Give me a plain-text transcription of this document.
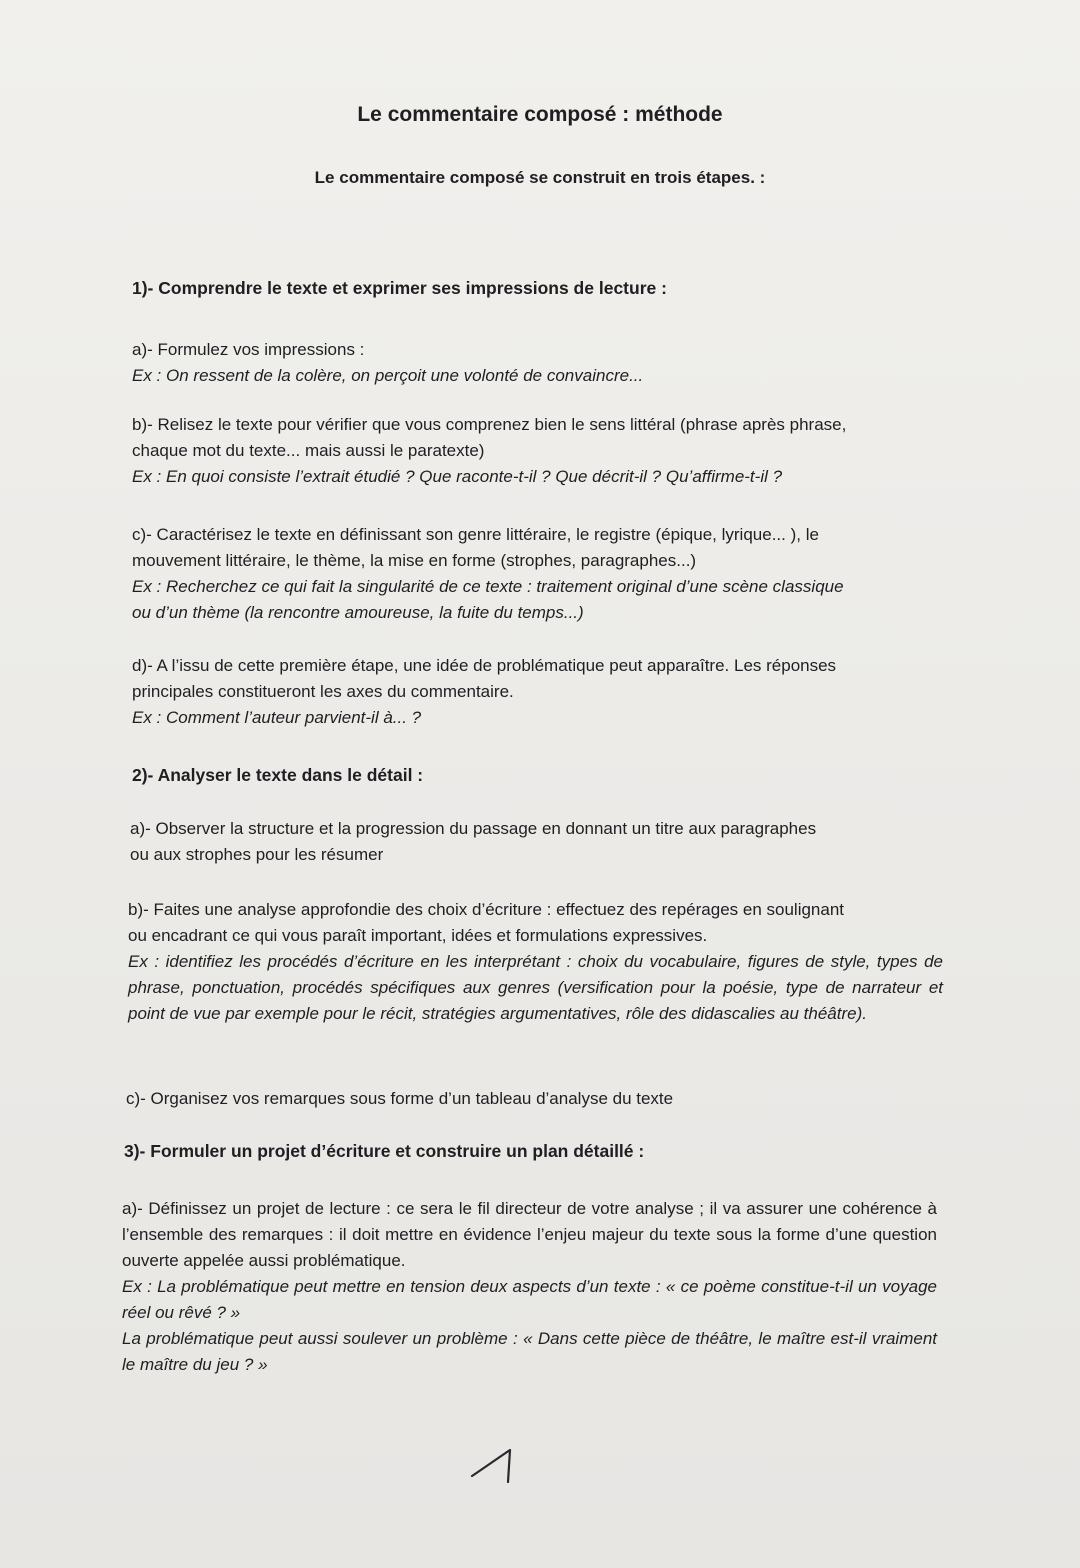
Le commentaire composé : méthode
Le commentaire composé se construit en trois étapes. :
1)- Comprendre le texte et exprimer ses impressions de lecture :
a)- Formulez vos impressions :
Ex : On ressent de la colère, on perçoit une volonté de convaincre...
b)- Relisez le texte pour vérifier que vous comprenez bien le sens littéral (phrase après phrase,
chaque mot du texte... mais aussi le paratexte)
Ex : En quoi consiste l’extrait étudié ? Que raconte-t-il ? Que décrit-il ? Qu’affirme-t-il ?
c)- Caractérisez le texte en définissant son genre littéraire, le registre (épique, lyrique... ), le
mouvement littéraire, le thème, la mise en forme (strophes, paragraphes...)
Ex : Recherchez ce qui fait la singularité de ce texte : traitement original d’une scène classique
ou d’un thème (la rencontre amoureuse, la fuite du temps...)
d)- A l’issu de cette première étape, une idée de problématique peut apparaître. Les réponses
principales constitueront les axes du commentaire.
Ex : Comment l’auteur parvient-il à... ?
2)- Analyser le texte dans le détail :
a)- Observer la structure et la progression du passage en donnant un titre aux paragraphes
ou aux strophes pour les résumer
b)- Faites une analyse approfondie des choix d’écriture : effectuez des repérages en soulignant
ou encadrant ce qui vous paraît important, idées et formulations expressives.
Ex : identifiez les procédés d’écriture en les interprétant : choix du vocabulaire, figures de style, types de phrase, ponctuation, procédés spécifiques aux genres (versification pour la poésie, type de narrateur et point de vue par exemple pour le récit, stratégies argumentatives, rôle des didascalies au théâtre).
c)- Organisez vos remarques sous forme d’un tableau d’analyse du texte
3)- Formuler un projet d’écriture et construire un plan détaillé :
a)- Définissez un projet de lecture : ce sera le fil directeur de votre analyse ; il va assurer une cohérence à l’ensemble des remarques : il doit mettre en évidence l’enjeu majeur du texte sous la forme d’une question ouverte appelée aussi problématique.
Ex : La problématique peut mettre en tension deux aspects d’un texte : « ce poème constitue-t-il un voyage réel ou rêvé ? »
La problématique peut aussi soulever un problème : « Dans cette pièce de théâtre, le maître est-il vraiment le maître du jeu ? »
